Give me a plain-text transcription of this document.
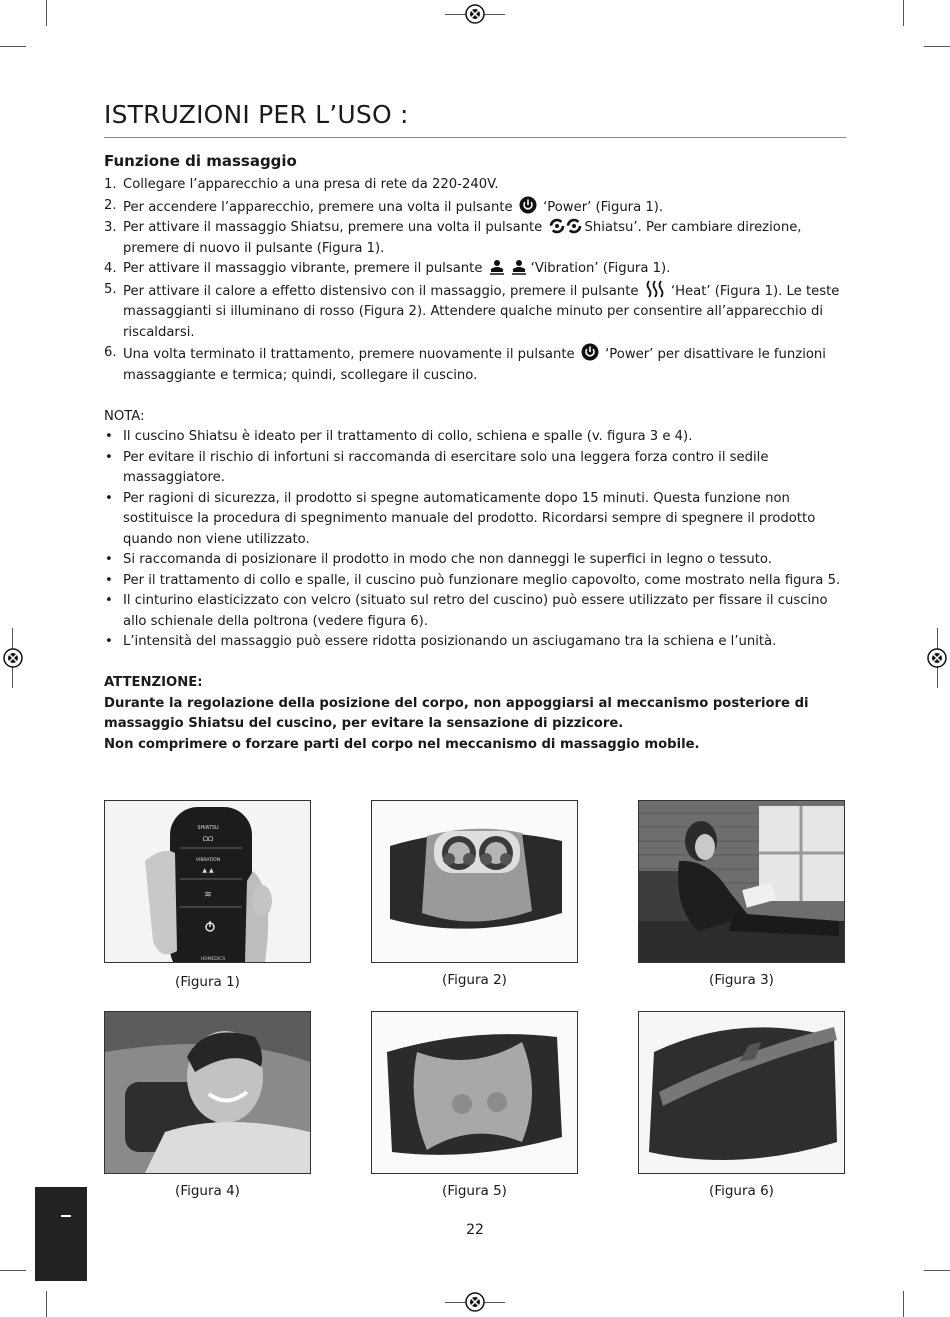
ISTRUZIONI PER L’USO :
Funzione di massaggio
1. Collegare l’apparecchio a una presa di rete da 220-240V.
2. Per accendere l’apparecchio, premere una volta il pulsante ‘Power’ (Figura 1).
3. Per attivare il massaggio Shiatsu, premere una volta il pulsante	Shiatsu’. Per cambiare direzione, premere di nuovo il pulsante (Figura 1).
4. Per attivare il massaggio vibrante, premere il pulsante	‘Vibration’ (Figura 1).
5. Per attivare il calore a effetto distensivo con il massaggio, premere il pulsante ‘Heat’ (Figura 1). Le teste massaggianti si illuminano di rosso (Figura 2). Attendere qualche minuto per consentire all’apparecchio di riscaldarsi.
6. Una volta terminato il trattamento, premere nuovamente il pulsante ‘Power’ per disattivare le funzioni massaggiante e termica; quindi, scollegare il cuscino.
NOTA:
• Il cuscino Shiatsu è ideato per il trattamento di collo, schiena e spalle (v. figura 3 e 4).
• Per evitare il rischio di infortuni si raccomanda di esercitare solo una leggera forza contro il sedile massaggiatore.
• Per ragioni di sicurezza, il prodotto si spegne automaticamente dopo 15 minuti. Questa funzione non sostituisce la procedura di spegnimento manuale del prodotto. Ricordarsi sempre di spegnere il prodotto quando non viene utilizzato.
• Si raccomanda di posizionare il prodotto in modo che non danneggi le superfici in legno o tessuto.
• Per il trattamento di collo e spalle, il cuscino può funzionare meglio capovolto, come mostrato nella figura 5.
• Il cinturino elasticizzato con velcro (situato sul retro del cuscino) può essere utilizzato per fissare il cuscino allo schienale della poltrona (vedere figura 6).
• L’intensità del massaggio può essere ridotta posizionando un asciugamano tra la schiena e l’unità.
ATTENZIONE:
Durante la regolazione della posizione del corpo, non appoggiarsi al meccanismo posteriore di massaggio Shiatsu del cuscino, per evitare la sensazione di pizzicore.
Non comprimere o forzare parti del corpo nel meccanismo di massaggio mobile.
SHIATSU
ᘯᘯ
VIBRATION
▲ ▲
≋
HOMEDICS
(Figura 1)	(Figura 2)	(Figura 3)
(Figura 4)	(Figura 5)	(Figura 6)
22
